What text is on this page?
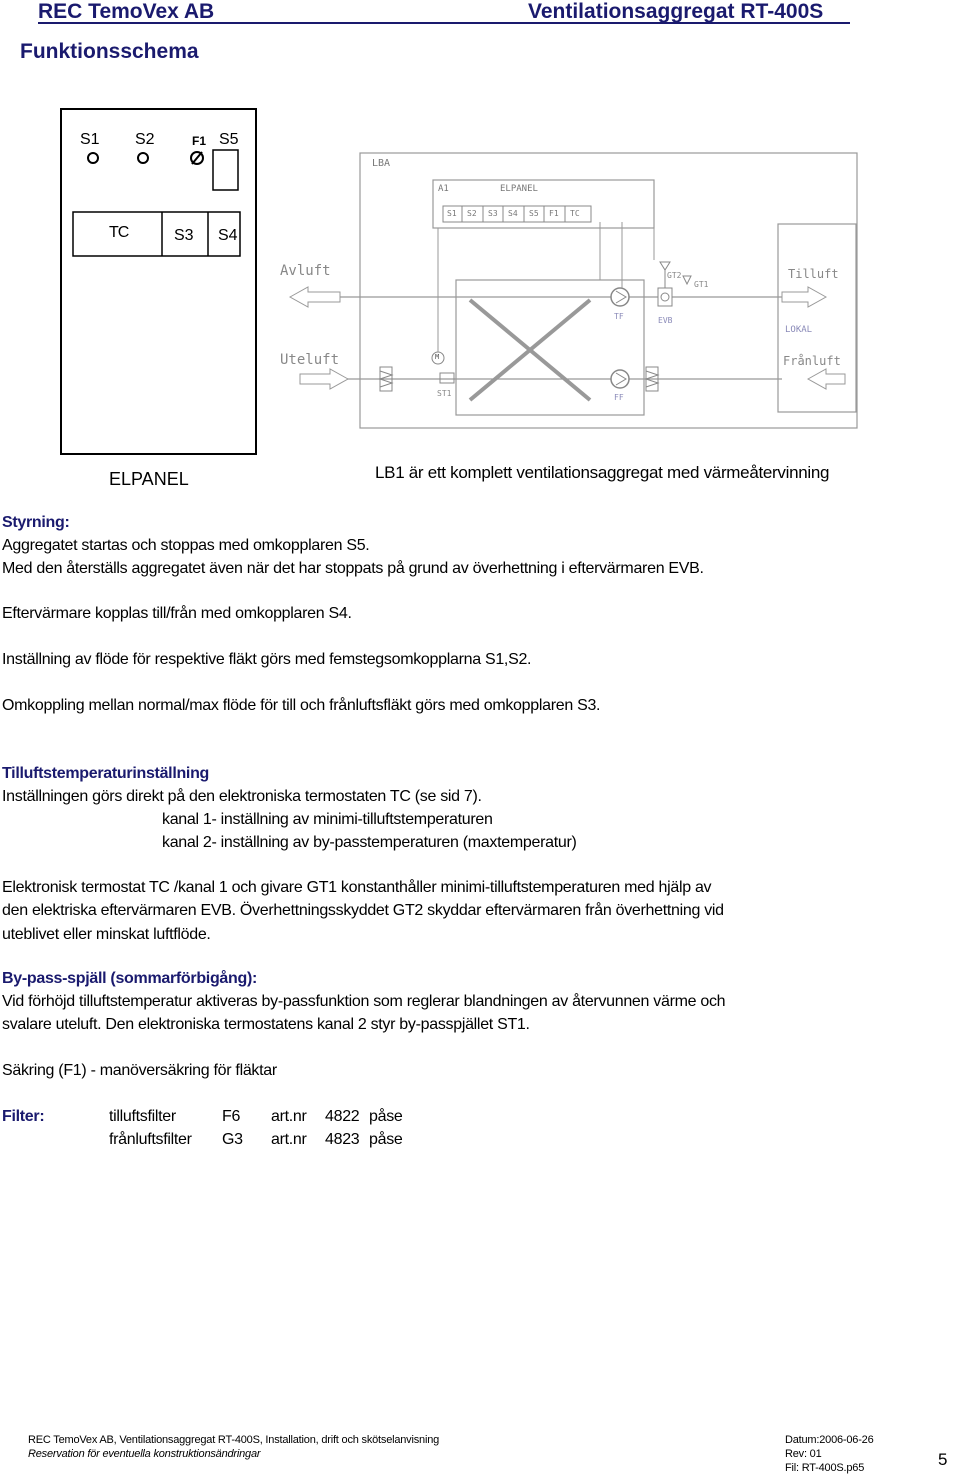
REC TemoVex AB	Ventilationsaggregat RT-400S
Funktionsschema
S1 S2	F1 S5
TC	S3 S4
ELPANEL
LBA
A1	ELPANEL
S1 S2 S3 S4 S5 F1 TC
Avluft	Tilluft
Uteluft	Frånluft
LOKAL
GT2
GT1
TF	EVB
ST1	FF
M
LB1 är ett komplett ventilationsaggregat med värmeåtervinning
Styrning:
Aggregatet startas och stoppas med omkopplaren S5.
Med den återställs aggregatet även när det har stoppats på grund av överhettning i eftervärmaren EVB.
Eftervärmare kopplas till/från med omkopplaren S4.
Inställning av flöde för respektive fläkt görs med femstegsomkopplarna S1,S2.
Omkoppling mellan normal/max flöde för till och frånluftsfläkt görs med omkopplaren S3.
Tilluftstemperaturinställning
Inställningen görs direkt på den elektroniska termostaten TC (se sid 7).
kanal 1- inställning av minimi-tilluftstemperaturen
kanal 2- inställning av by-passtemperaturen (maxtemperatur)
Elektronisk termostat TC /kanal 1 och givare GT1 konstanthåller minimi-tilluftstemperaturen med hjälp av
den elektriska eftervärmaren EVB. Överhettningsskyddet GT2 skyddar eftervärmaren från överhettning vid
uteblivet eller minskat luftflöde.
By-pass-spjäll (sommarförbigång):
Vid förhöjd tilluftstemperatur aktiveras by-passfunktion som reglerar blandningen av återvunnen värme och
svalare uteluft. Den elektroniska termostatens kanal 2 styr by-passpjället ST1.
Säkring (F1) - manöversäkring för fläktar
Filter:	tilluftsfilter	F6 art.nr 4822 påse
frånluftsfilter G3 art.nr 4823 påse
REC TemoVex AB, Ventilationsaggregat RT-400S, Installation, drift och skötselanvisning
Reservation för eventuella konstruktionsändringar
Datum:2006-06-26
Rev: 01
Fil: RT-400S.p65	5
